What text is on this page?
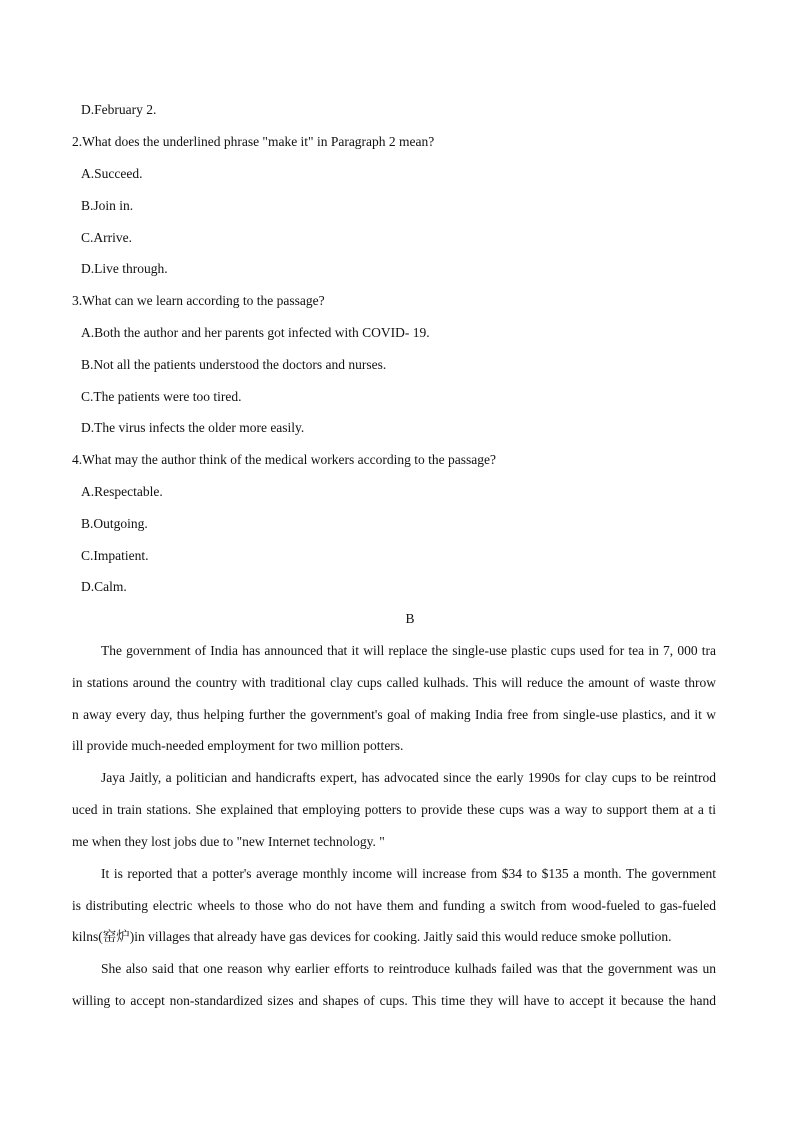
D.February 2.
2.What does the underlined phrase "make it" in Paragraph 2 mean?
A.Succeed.
B.Join in.
C.Arrive.
D.Live through.
3.What can we learn according to the passage?
A.Both the author and her parents got infected with COVID- 19.
B.Not all the patients understood the doctors and nurses.
C.The patients were too tired.
D.The virus infects the older more easily.
4.What may the author think of the medical workers according to the passage?
A.Respectable.
B.Outgoing.
C.Impatient.
D.Calm.
B
The government of India has announced that it will replace the single-use plastic cups used for tea in 7, 000 tra
in stations around the country with traditional clay cups called kulhads. This will reduce the amount of waste throw
n away every day, thus helping further the government's goal of making India free from single-use plastics, and it w
ill provide much-needed employment for two million potters.
Jaya Jaitly, a politician and handicrafts expert, has advocated since the early 1990s for clay cups to be reintrod
uced in train stations. She explained that employing potters to provide these cups was a way to support them at a ti
me when they lost jobs due to "new Internet technology. "
It is reported that a potter's average monthly income will increase from $34 to $135 a month. The government
is distributing electric wheels to those who do not have them and funding a switch from wood-fueled to gas-fueled
kilns(窑炉)in villages that already have gas devices for cooking. Jaitly said this would reduce smoke pollution.
She also said that one reason why earlier efforts to reintroduce kulhads failed was that the government was un
willing to accept non-standardized sizes and shapes of cups. This time they will have to accept it because the hand
